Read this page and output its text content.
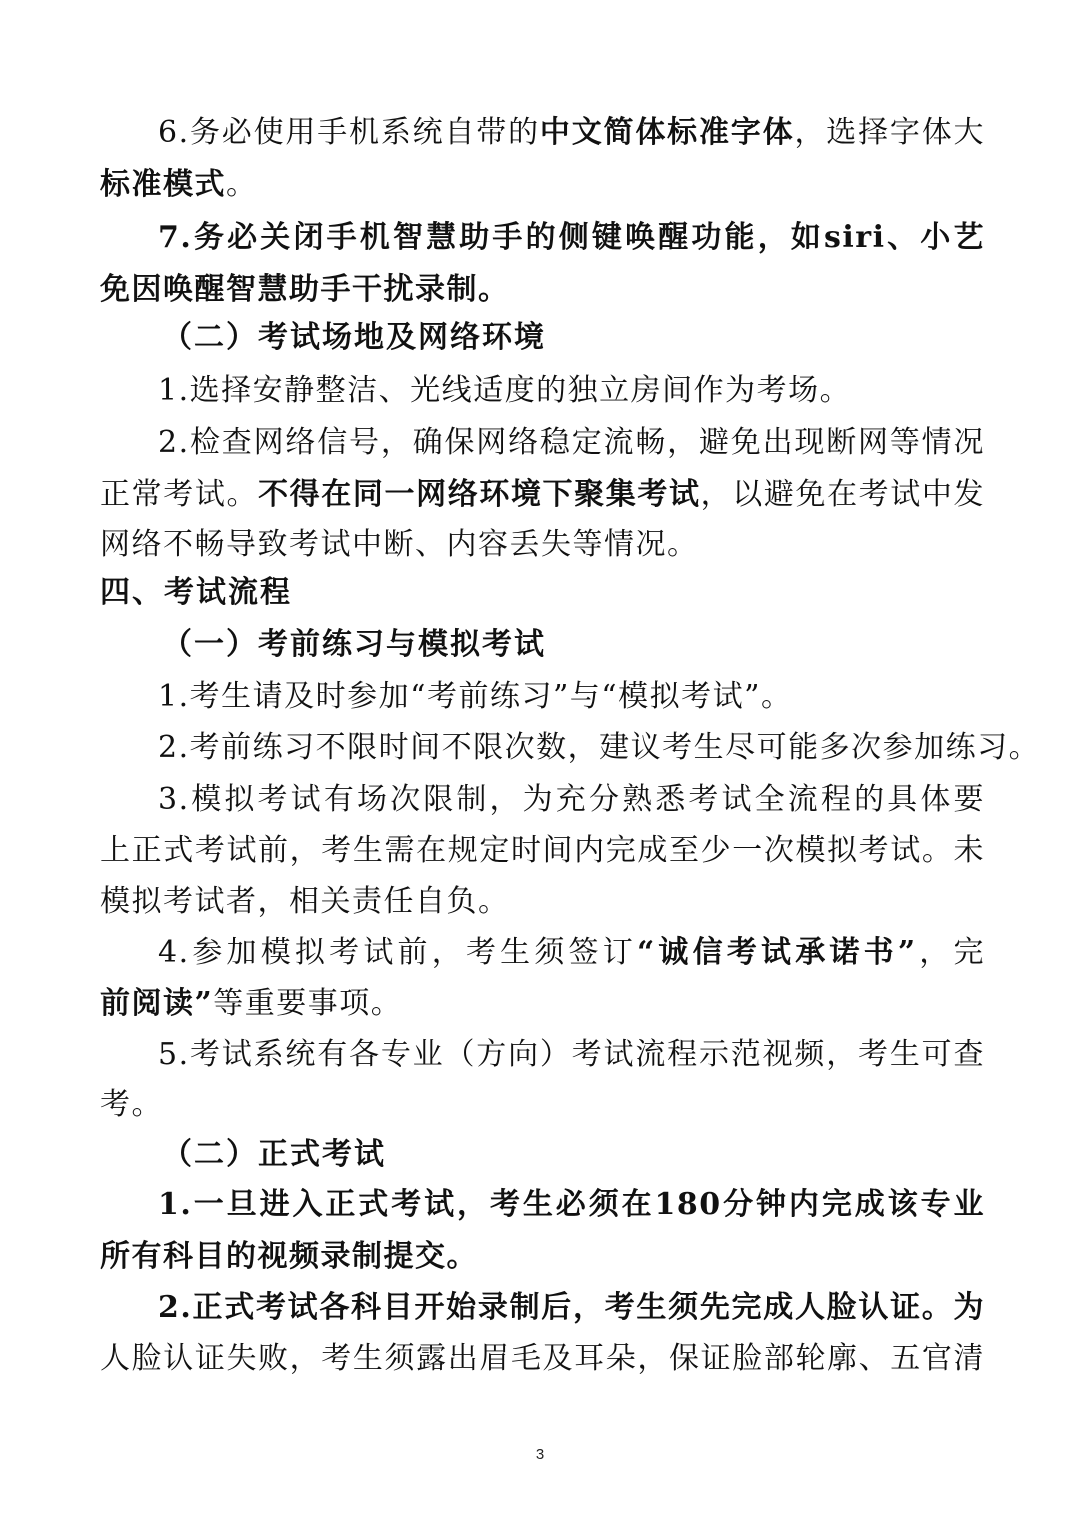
6.务必使用手机系统自带的中文简体标准字体，选择字体大
标准模式。
7.务必关闭手机智慧助手的侧键唤醒功能，如siri、小艺
免因唤醒智慧助手干扰录制。
（二）考试场地及网络环境
1.选择安静整洁、光线适度的独立房间作为考场。
2.检查网络信号，确保网络稳定流畅，避免出现断网等情况
正常考试。不得在同一网络环境下聚集考试，以避免在考试中发
网络不畅导致考试中断、内容丢失等情况。
四、考试流程
（一）考前练习与模拟考试
1.考生请及时参加“考前练习”与“模拟考试”。
2.考前练习不限时间不限次数，建议考生尽可能多次参加练习。
3.模拟考试有场次限制，为充分熟悉考试全流程的具体要
上正式考试前，考生需在规定时间内完成至少一次模拟考试。未
模拟考试者，相关责任自负。
4.参加模拟考试前，考生须签订“诚信考试承诺书”，完
前阅读”等重要事项。
5.考试系统有各专业（方向）考试流程示范视频，考生可查
考。
（二）正式考试
1.一旦进入正式考试，考生必须在180分钟内完成该专业
所有科目的视频录制提交。
2.正式考试各科目开始录制后，考生须先完成人脸认证。为
人脸认证失败，考生须露出眉毛及耳朵，保证脸部轮廓、五官清
3
